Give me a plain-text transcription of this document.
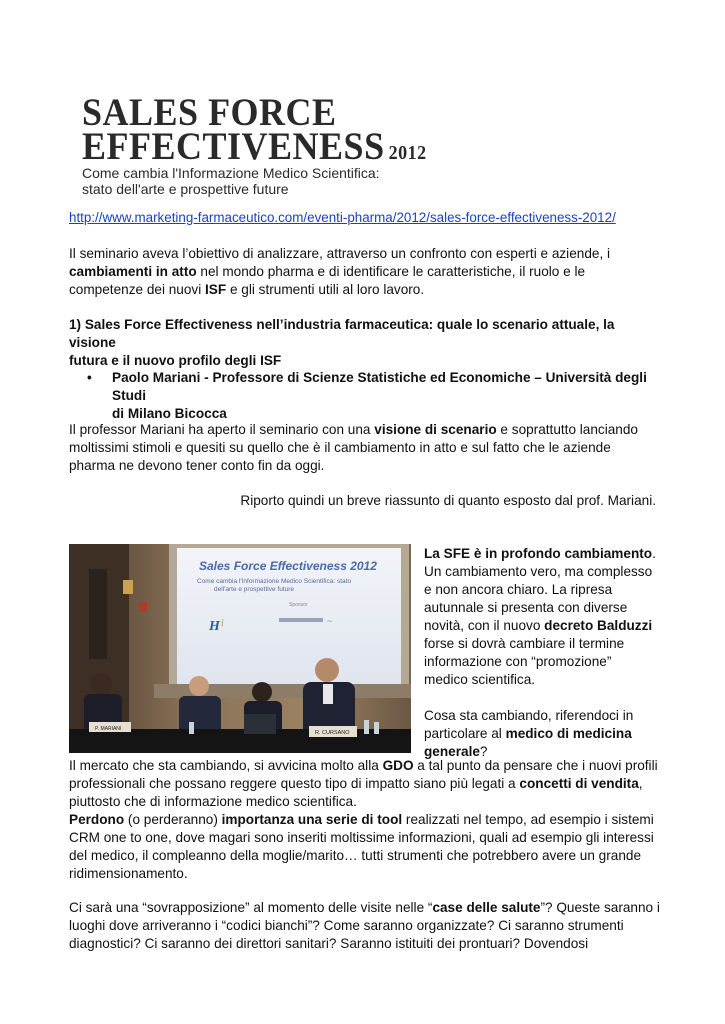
SALES FORCE
EFFECTIVENESS 2012
Come cambia l'Informazione Medico Scientifica:
stato dell'arte e prospettive future
http://www.marketing-farmaceutico.com/eventi-pharma/2012/sales-force-effectiveness-2012/
Il seminario aveva l’obiettivo di analizzare, attraverso un confronto con esperti e aziende, i
cambiamenti in atto nel mondo pharma e di identificare le caratteristiche, il ruolo e le
competenze dei nuovi ISF e gli strumenti utili al loro lavoro.
1) Sales Force Effectiveness nell’industria farmaceutica: quale lo scenario attuale, la visione
futura e il nuovo profilo degli ISF
• Paolo Mariani - Professore di Scienze Statistiche ed Economiche – Università degli Studi
di Milano Bicocca
Il professor Mariani ha aperto il seminario con una visione di scenario e soprattutto lanciando
moltissimi stimoli e quesiti su quello che è il cambiamento in atto e sul fatto che le aziende
pharma ne devono tener conto fin da oggi.
Riporto quindi un breve riassunto di quanto esposto dal prof. Mariani.
Sales Force Effectiveness 2012
Come cambia l'Informazione Medico Scientifica: stato
dell'arte e prospettive future
Sponsor
H i	~
P. MARIANI
R. CURSANO
La SFE è in profondo cambiamento.
Un cambiamento vero, ma complesso
e non ancora chiaro. La ripresa
autunnale si presenta con diverse
novità, con il nuovo decreto Balduzzi
forse si dovrà cambiare il termine
informazione con “promozione”
medico scientifica.
Cosa sta cambiando, riferendoci in
particolare al medico di medicina
generale?
Il mercato che sta cambiando, si avvicina molto alla GDO a tal punto da pensare che i nuovi profili
professionali che possano reggere questo tipo di impatto siano più legati a concetti di vendita,
piuttosto che di informazione medico scientifica.
Perdono (o perderanno) importanza una serie di tool realizzati nel tempo, ad esempio i sistemi
CRM one to one, dove magari sono inseriti moltissime informazioni, quali ad esempio gli interessi
del medico, il compleanno della moglie/marito… tutti strumenti che potrebbero avere un grande
ridimensionamento.
Ci sarà una “sovrapposizione” al momento delle visite nelle “case delle salute”? Queste saranno i
luoghi dove arriveranno i “codici bianchi”? Come saranno organizzate? Ci saranno strumenti
diagnostici? Ci saranno dei direttori sanitari? Saranno istituiti dei prontuari? Dovendosi
